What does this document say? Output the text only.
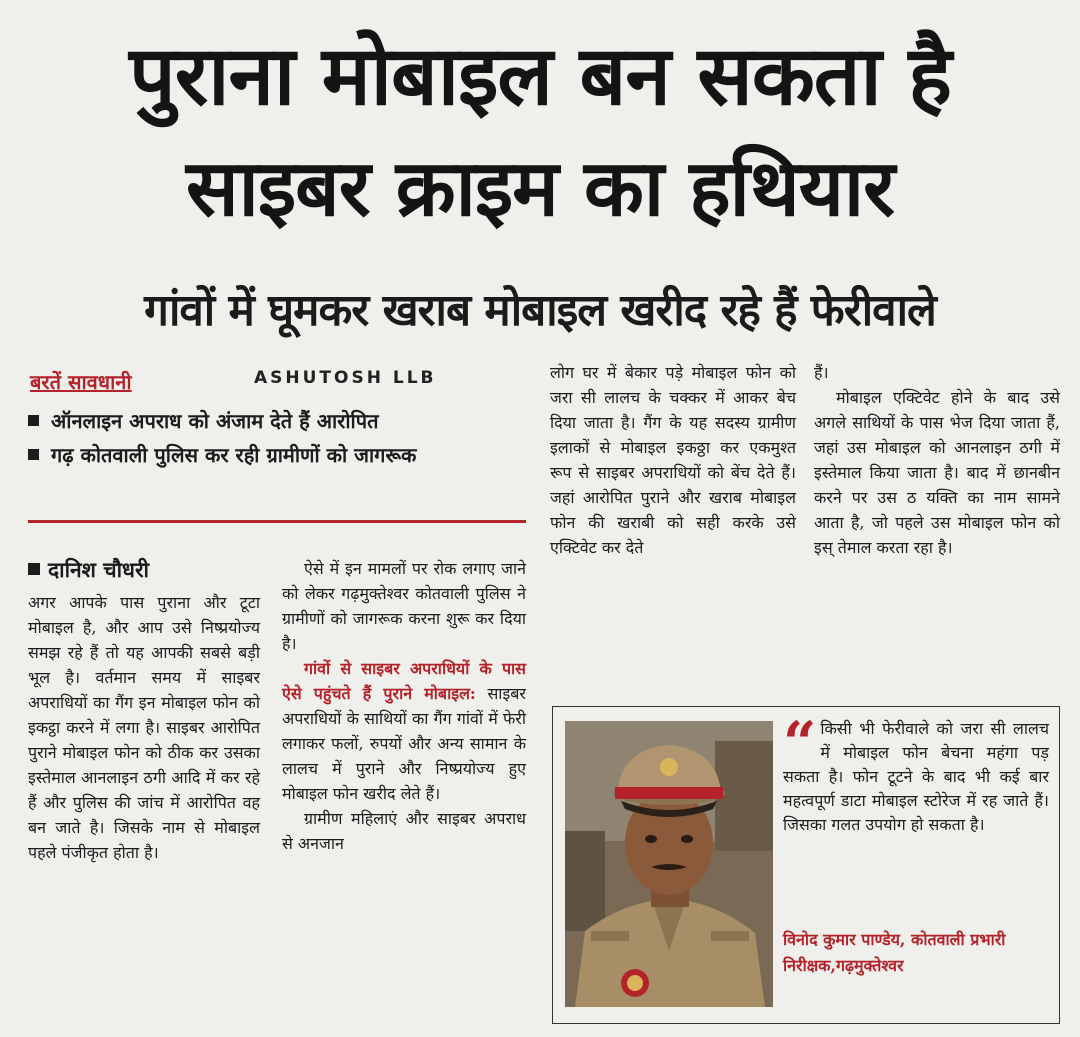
पुराना मोबाइल बन सकता है
साइबर क्राइम का हथियार
गांवों में घूमकर खराब मोबाइल खरीद रहे हैं फेरीवाले
बरतें सावधानी	ASHUTOSH LLB
ऑनलाइन अपराध को अंजाम देते हैं आरोपित
गढ़ कोतवाली पुलिस कर रही ग्रामीणों को जागरूक
दानिश चौधरी

अगर आपके पास पुराना और टूटा मोबाइल है, और आप उसे निष्प्रयोज्य समझ रहे हैं तो यह आपकी सबसे बड़ी भूल है। वर्तमान समय में साइबर अपराधियों का गैंग इन मोबाइल फोन को इकट्ठा करने में लगा है। साइबर आरोपित पुराने मोबाइल फोन को ठीक कर उसका इस्तेमाल आनलाइन ठगी आदि में कर रहे हैं और पुलिस की जांच में आरोपित वह बन जाते है। जिसके नाम से मोबाइल पहले पंजीकृत होता है।

ऐसे में इन मामलों पर रोक लगाए जाने को लेकर गढ़मुक्तेश्वर कोतवाली पुलिस ने ग्रामीणों को जागरूक करना शुरू कर दिया है।

गांवों से साइबर अपराधियों के पास ऐसे पहुंचते हैं पुराने मोबाइल: साइबर अपराधियों के साथियों का गैंग गांवों में फेरी लगाकर फलों, रुपयों और अन्य सामान के लालच में पुराने और निष्प्रयोज्य हुए मोबाइल फोन खरीद लेते हैं।

ग्रामीण महिलाएं और साइबर अपराध से अनजान

लोग घर में बेकार पड़े मोबाइल फोन को जरा सी लालच के चक्कर में आकर बेच दिया जाता है। गैंग के यह सदस्य ग्रामीण इलाकों से मोबाइल इकठ्ठा कर एकमुश्त रूप से साइबर अपराधियों को बेंच देते हैं। जहां आरोपित पुराने और खराब मोबाइल फोन की खराबी को सही करके उसे एक्टिवेट कर देते

हैं।

मोबाइल एक्टिवेट होने के बाद उसे अगले साथियों के पास भेज दिया जाता हैं, जहां उस मोबाइल को आनलाइन ठगी में इस्तेमाल किया जाता है। बाद में छानबीन करने पर उस ठ यक्ति का नाम सामने आता है, जो पहले उस मोबाइल फोन को इस् तेमाल करता रहा है।

“ किसी भी फेरीवाले को जरा सी लालच में मोबाइल फोन बेचना महंगा पड़ सकता है। फोन टूटने के बाद भी कई बार महत्वपूर्ण डाटा मोबाइल स्टोरेज में रह जाते हैं। जिसका गलत उपयोग हो सकता है।
विनोद कुमार पाण्डेय, कोतवाली प्रभारी निरीक्षक,गढ़मुक्तेश्वर
